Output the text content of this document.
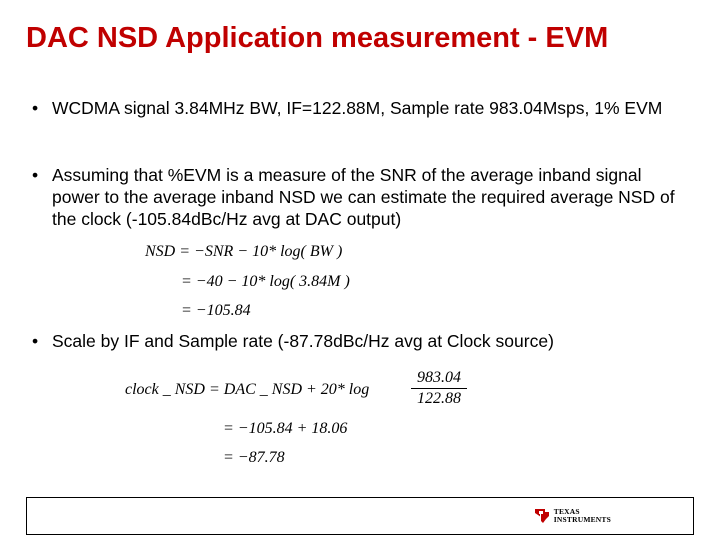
DAC NSD Application measurement - EVM
• WCDMA signal 3.84MHz BW, IF=122.88M, Sample rate 983.04Msps, 1% EVM
• Assuming that %EVM is a measure of the SNR of the average inband signal power to the average inband NSD we can estimate the required average NSD of the clock (-105.84dBc/Hz avg at DAC output)
NSD = −SNR − 10* log( BW )
= −40 − 10* log( 3.84M )
= −105.84
• Scale by IF and Sample rate (-87.78dBc/Hz avg at Clock source)
clock _ NSD = DAC _ NSD + 20* log
983.04
122.88
= −105.84 + 18.06
= −87.78
TEXAS
INSTRUMENTS
